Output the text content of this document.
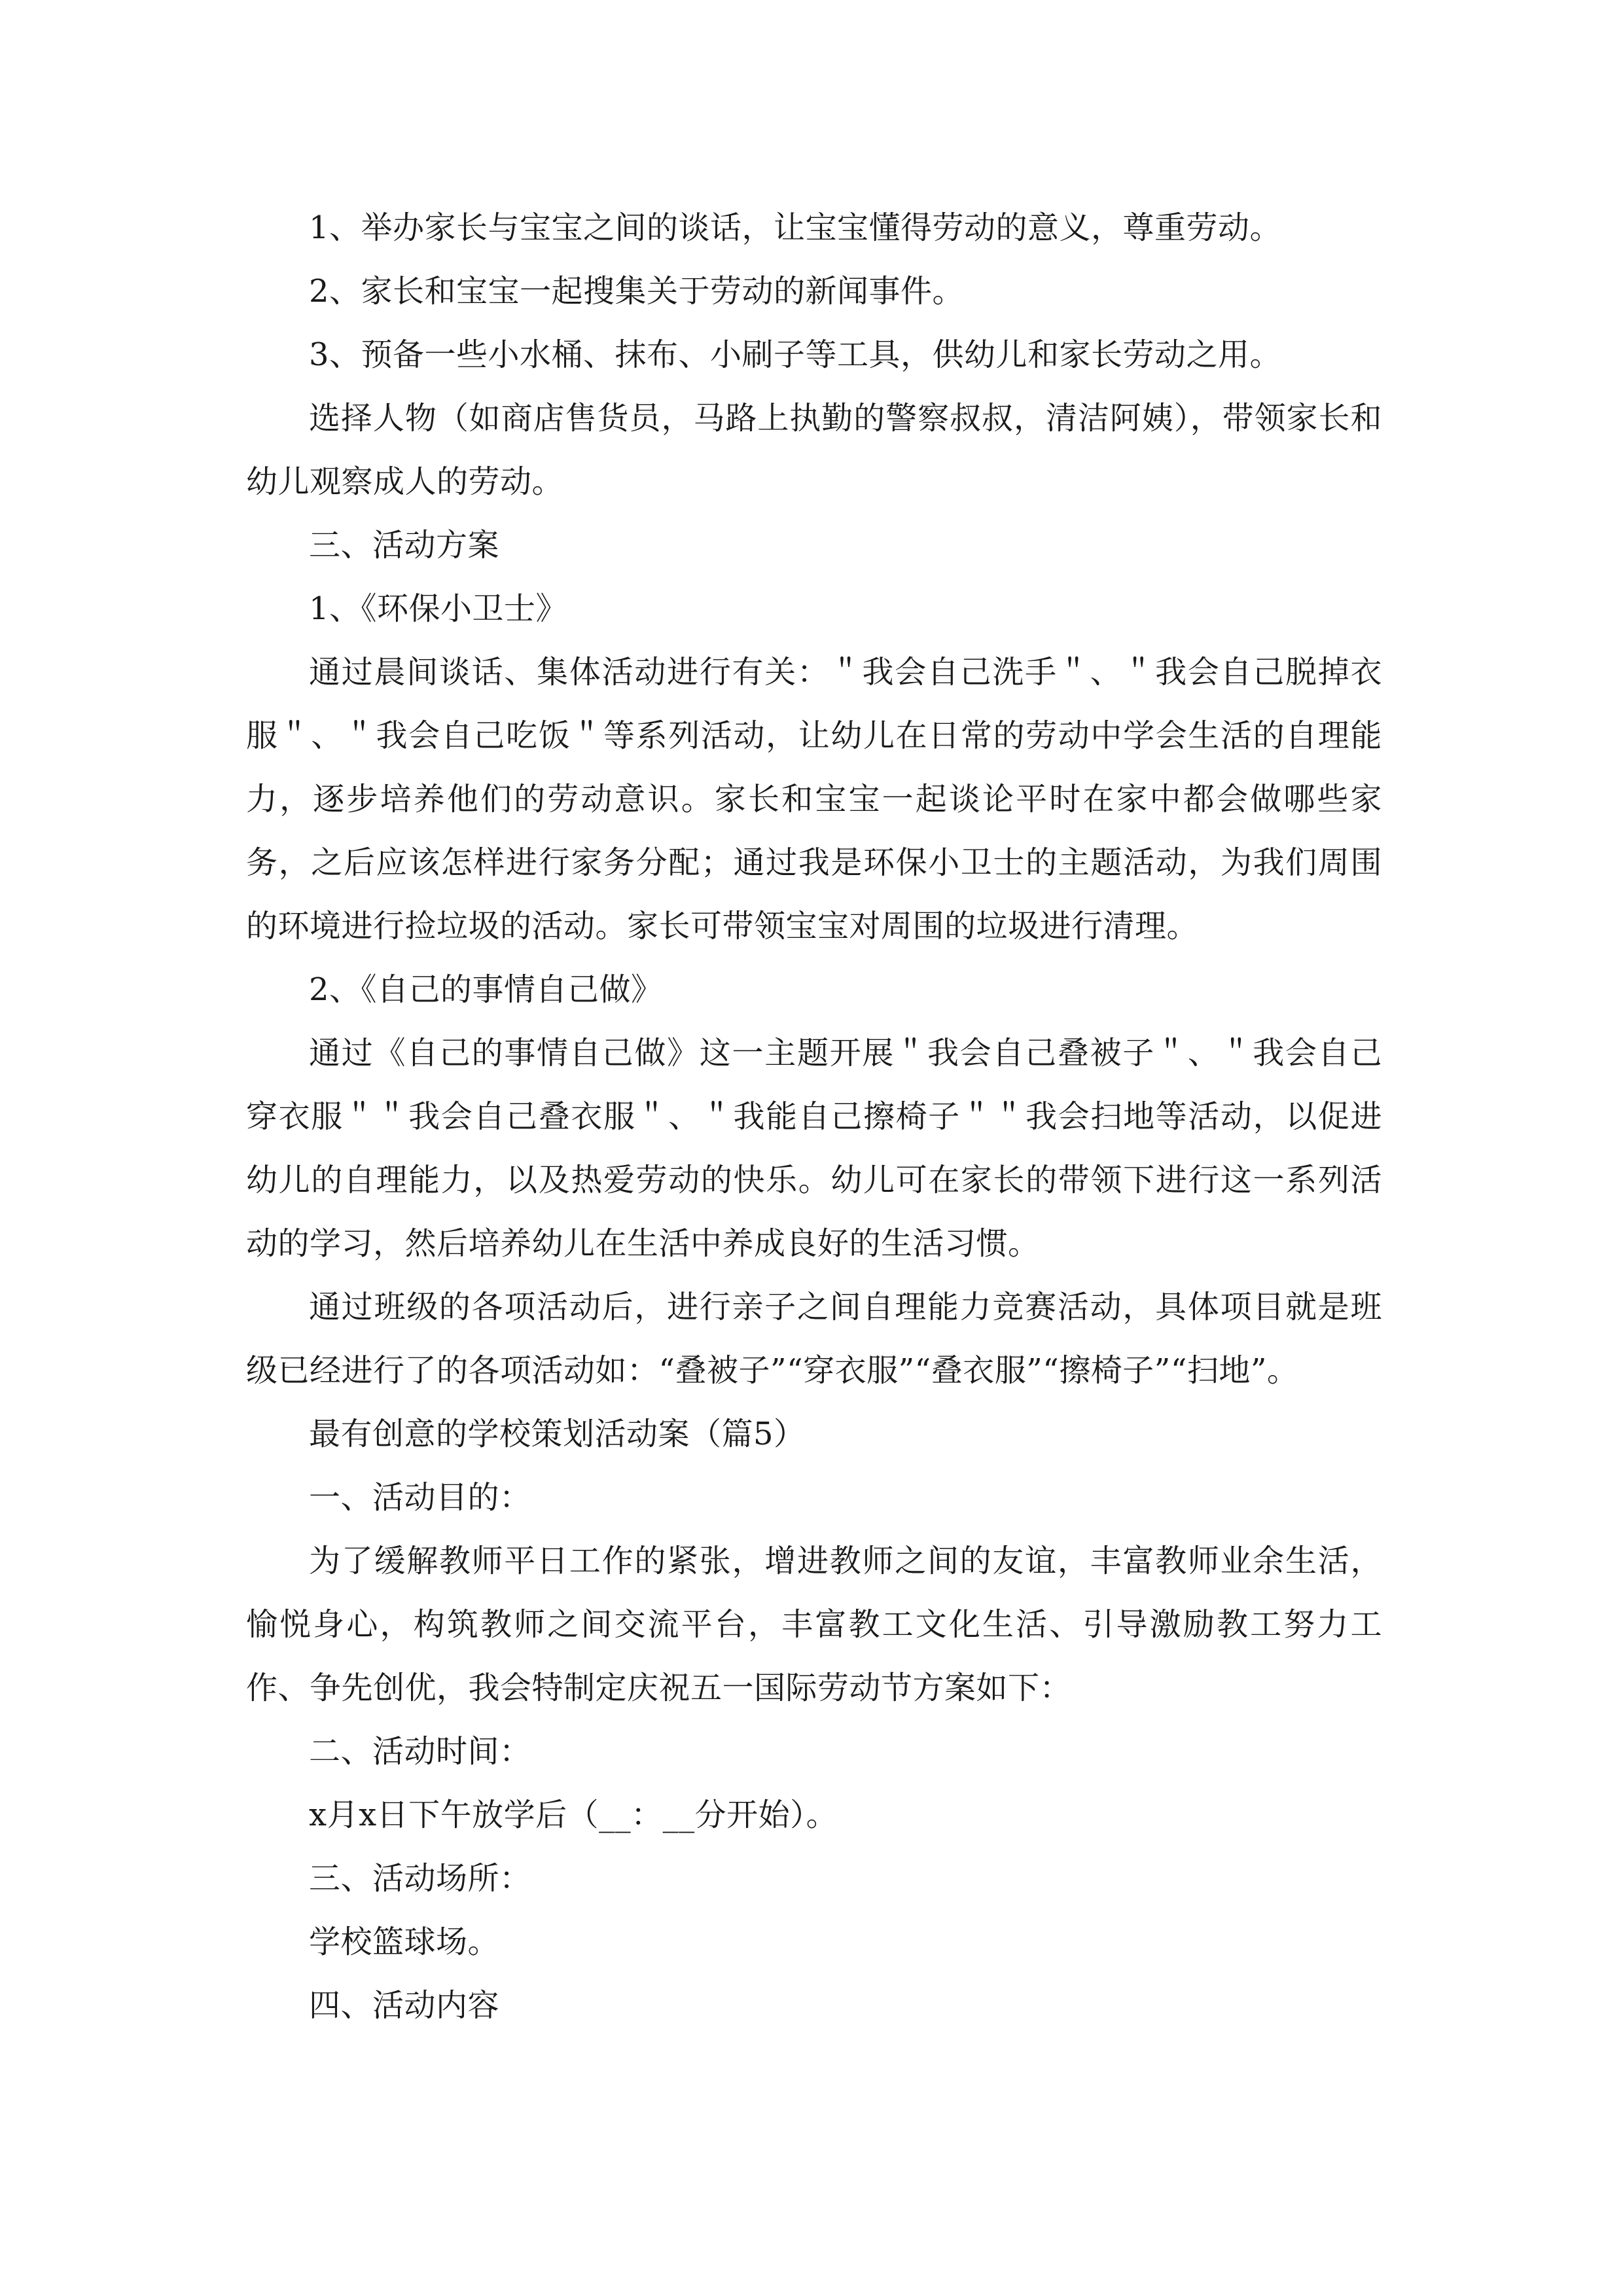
1、举办家长与宝宝之间的谈话，让宝宝懂得劳动的意义，尊重劳动。

2、家长和宝宝一起搜集关于劳动的新闻事件。

3、预备一些小水桶、抹布、小刷子等工具，供幼儿和家长劳动之用。

选择人物（如商店售货员，马路上执勤的警察叔叔，清洁阿姨），带领家长和幼儿观察成人的劳动。

三、活动方案

1、《环保小卫士》

通过晨间谈话、集体活动进行有关：＂我会自己洗手＂、＂我会自己脱掉衣服＂、＂我会自己吃饭＂等系列活动，让幼儿在日常的劳动中学会生活的自理能力，逐步培养他们的劳动意识。家长和宝宝一起谈论平时在家中都会做哪些家务，之后应该怎样进行家务分配；通过我是环保小卫士的主题活动，为我们周围的环境进行捡垃圾的活动。家长可带领宝宝对周围的垃圾进行清理。

2、《自己的事情自己做》

通过《自己的事情自己做》这一主题开展＂我会自己叠被子＂、＂我会自己穿衣服＂＂我会自己叠衣服＂、＂我能自己擦椅子＂＂我会扫地等活动，以促进幼儿的自理能力，以及热爱劳动的快乐。幼儿可在家长的带领下进行这一系列活动的学习，然后培养幼儿在生活中养成良好的生活习惯。

通过班级的各项活动后，进行亲子之间自理能力竞赛活动，具体项目就是班级已经进行了的各项活动如：“叠被子”“穿衣服”“叠衣服”“擦椅子”“扫地”。

最有创意的学校策划活动案（篇5）

一、活动目的：

为了缓解教师平日工作的紧张，增进教师之间的友谊，丰富教师业余生活，愉悦身心，构筑教师之间交流平台，丰富教工文化生活、引导激励教工努力工作、争先创优，我会特制定庆祝五一国际劳动节方案如下：

二、活动时间：

x月x日下午放学后（__：__分开始）。

三、活动场所：

学校篮球场。

四、活动内容
